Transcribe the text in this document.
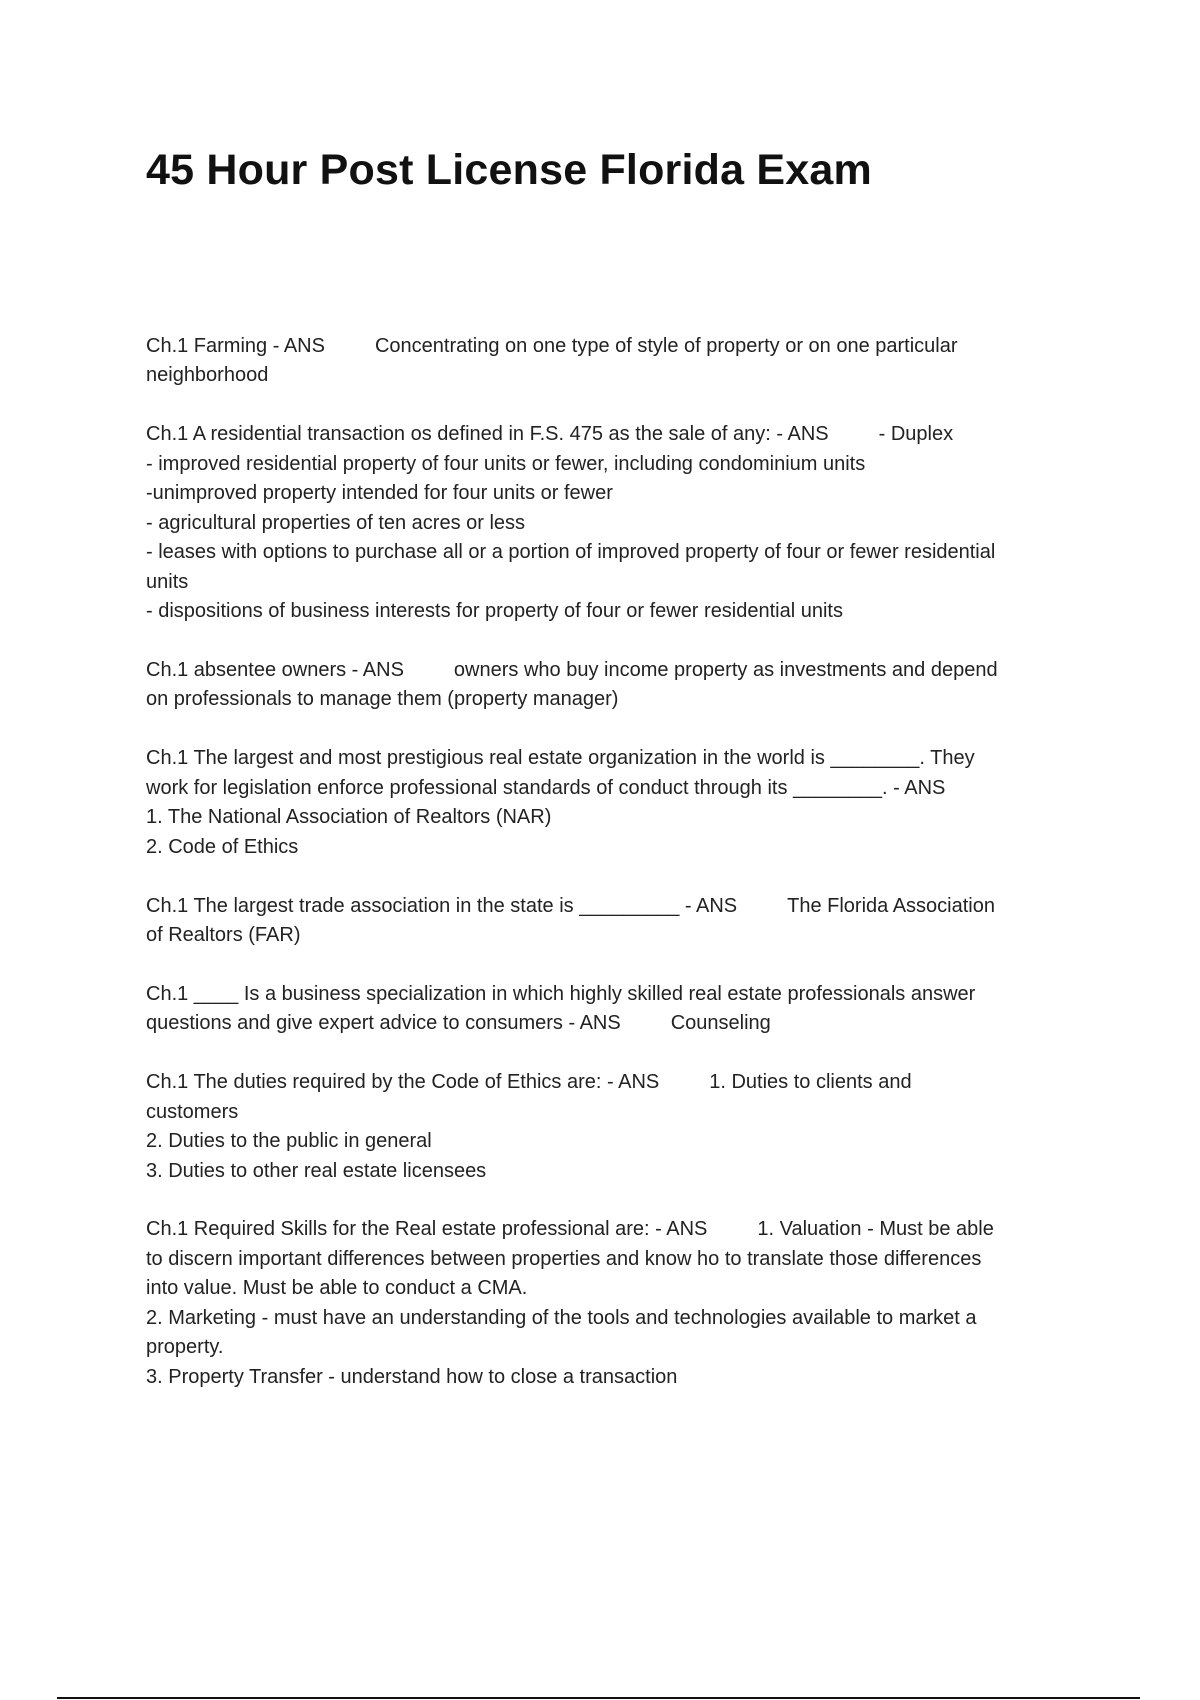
45 Hour Post License Florida Exam
Ch.1 Farming - ANS	Concentrating on one type of style of property or on one particular
neighborhood
Ch.1 A residential transaction os defined in F.S. 475 as the sale of any: - ANS	- Duplex
- improved residential property of four units or fewer, including condominium units
-unimproved property intended for four units or fewer
- agricultural properties of ten acres or less
- leases with options to purchase all or a portion of improved property of four or fewer residential
units
- dispositions of business interests for property of four or fewer residential units
Ch.1 absentee owners - ANS	owners who buy income property as investments and depend
on professionals to manage them (property manager)
Ch.1 The largest and most prestigious real estate organization in the world is ________. They
work for legislation enforce professional standards of conduct through its ________. - ANS
1. The National Association of Realtors (NAR)
2. Code of Ethics
Ch.1 The largest trade association in the state is _________ - ANS	The Florida Association
of Realtors (FAR)
Ch.1 ____ Is a business specialization in which highly skilled real estate professionals answer
questions and give expert advice to consumers - ANS	Counseling
Ch.1 The duties required by the Code of Ethics are: - ANS	1. Duties to clients and
customers
2. Duties to the public in general
3. Duties to other real estate licensees
Ch.1 Required Skills for the Real estate professional are: - ANS	1. Valuation - Must be able
to discern important differences between properties and know ho to translate those differences
into value. Must be able to conduct a CMA.
2. Marketing - must have an understanding of the tools and technologies available to market a
property.
3. Property Transfer - understand how to close a transaction
